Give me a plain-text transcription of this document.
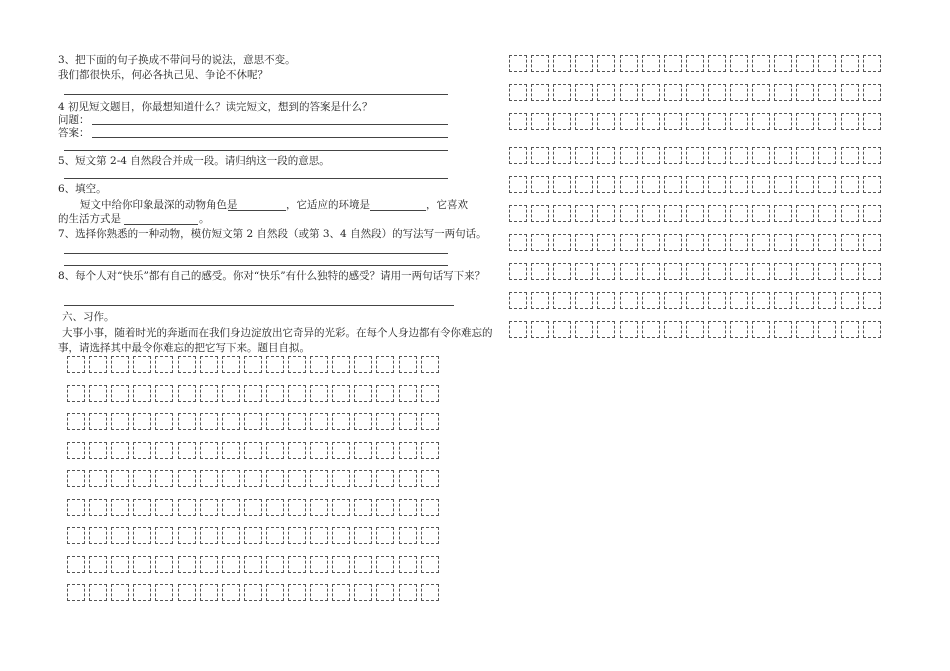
3、把下面的句子换成不带问号的说法，意思不变。
我们都很快乐，何必各执己见、争论不休呢？
4 初见短文题目，你最想知道什么？读完短文，想到的答案是什么？
问题：
答案：
5、短文第 2-4 自然段合并成一段。请归纳这一段的意思。
6、填空。
短文中给你印象最深的动物角色是	，它适应的环境是	，它喜欢
的生活方式是	。
7、选择你熟悉的一种动物，模仿短文第 2 自然段（或第 3、4 自然段）的写法写一两句话。
8、每个人对“快乐”都有自己的感受。你对“快乐”有什么独特的感受？请用一两句话写下来？
六、习作。
大事小事，随着时光的奔逝而在我们身边淀放出它奇异的光彩。在每个人身边都有令你难忘的
事，请选择其中最令你难忘的把它写下来。题目自拟。
